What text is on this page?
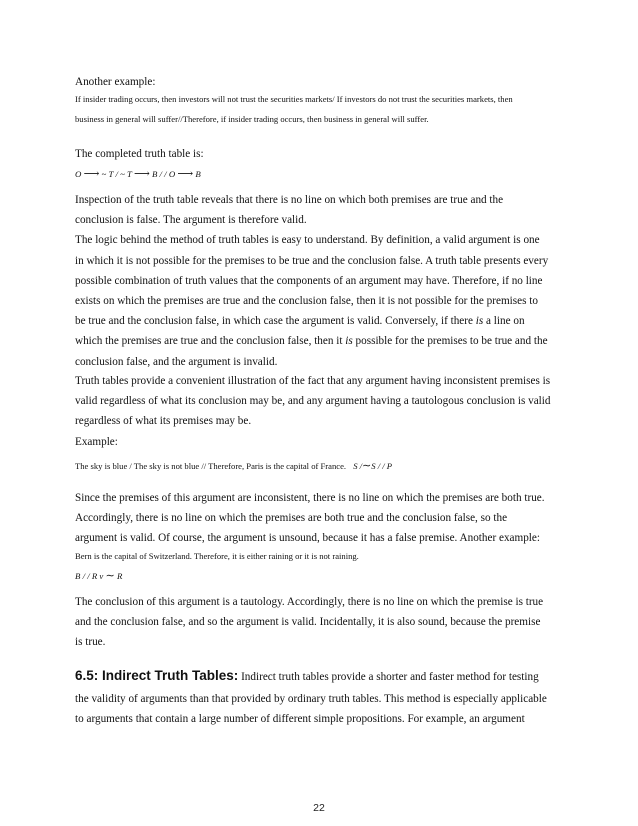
Another example:

If insider trading occurs, then investors will not trust the securities markets/ If investors do not trust the securities markets, then

business in general will suffer//Therefore, if insider trading occurs, then business in general will suffer.

The completed truth table is:

O ⟶ ~ T / ~ T ⟶ B / / O ⟶ B

Inspection of the truth table reveals that there is no line on which both premises are true and the
conclusion is false. The argument is therefore valid.
The logic behind the method of truth tables is easy to understand. By definition, a valid argument is one
in which it is not possible for the premises to be true and the conclusion false. A truth table presents every
possible combination of truth values that the components of an argument may have. Therefore, if no line
exists on which the premises are true and the conclusion false, then it is not possible for the premises to
be true and the conclusion false, in which case the argument is valid. Conversely, if there is a line on
which the premises are true and the conclusion false, then it is possible for the premises to be true and the
conclusion false, and the argument is invalid.

Truth tables provide a convenient illustration of the fact that any argument having inconsistent premises is
valid regardless of what its conclusion may be, and any argument having a tautologous conclusion is valid
regardless of what its premises may be.
Example:

The sky is blue / The sky is not blue // Therefore, Paris is the capital of France. S /∼S / / P

Since the premises of this argument are inconsistent, there is no line on which the premises are both true.
Accordingly, there is no line on which the premises are both true and the conclusion false, so the
argument is valid. Of course, the argument is unsound, because it has a false premise. Another example:

Bern is the capital of Switzerland. Therefore, it is either raining or it is not raining.

B / / R v ∼ R

The conclusion of this argument is a tautology. Accordingly, there is no line on which the premise is true
and the conclusion false, and so the argument is valid. Incidentally, it is also sound, because the premise
is true.

6.5: Indirect Truth Tables: Indirect truth tables provide a shorter and faster method for testing
the validity of arguments than that provided by ordinary truth tables. This method is especially applicable
to arguments that contain a large number of different simple propositions. For example, an argument

22
